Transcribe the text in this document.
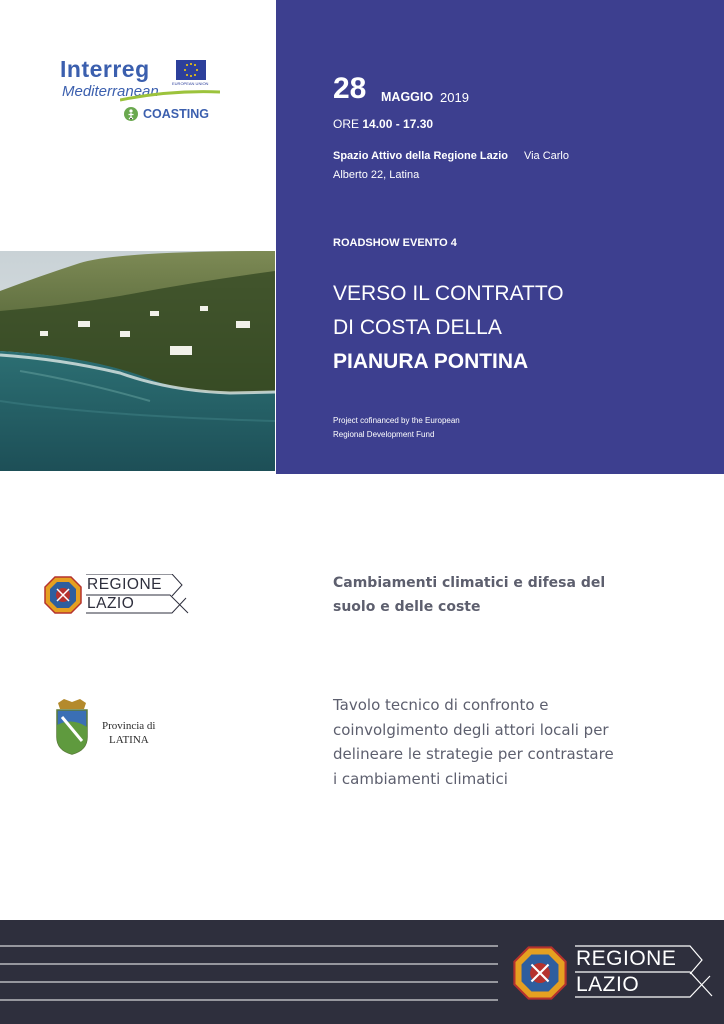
Interreg
EUROPEAN UNION
Mediterranean
COASTING
28 MAGGIO 2019
ORE 14.00 - 17.30
Spazio Attivo della Regione Lazio Via Carlo
Alberto 22, Latina
ROADSHOW EVENTO 4
VERSO IL CONTRATTO
DI COSTA DELLA
PIANURA PONTINA
Project cofinanced by the European
Regional Development Fund
REGIONE
LAZIO
Provincia di
LATINA
Cambiamenti climatici e difesa del
suolo e delle coste
Tavolo tecnico di confronto e
coinvolgimento degli attori locali per
delineare le strategie per contrastare
i cambiamenti climatici
REGIONE
LAZIO
